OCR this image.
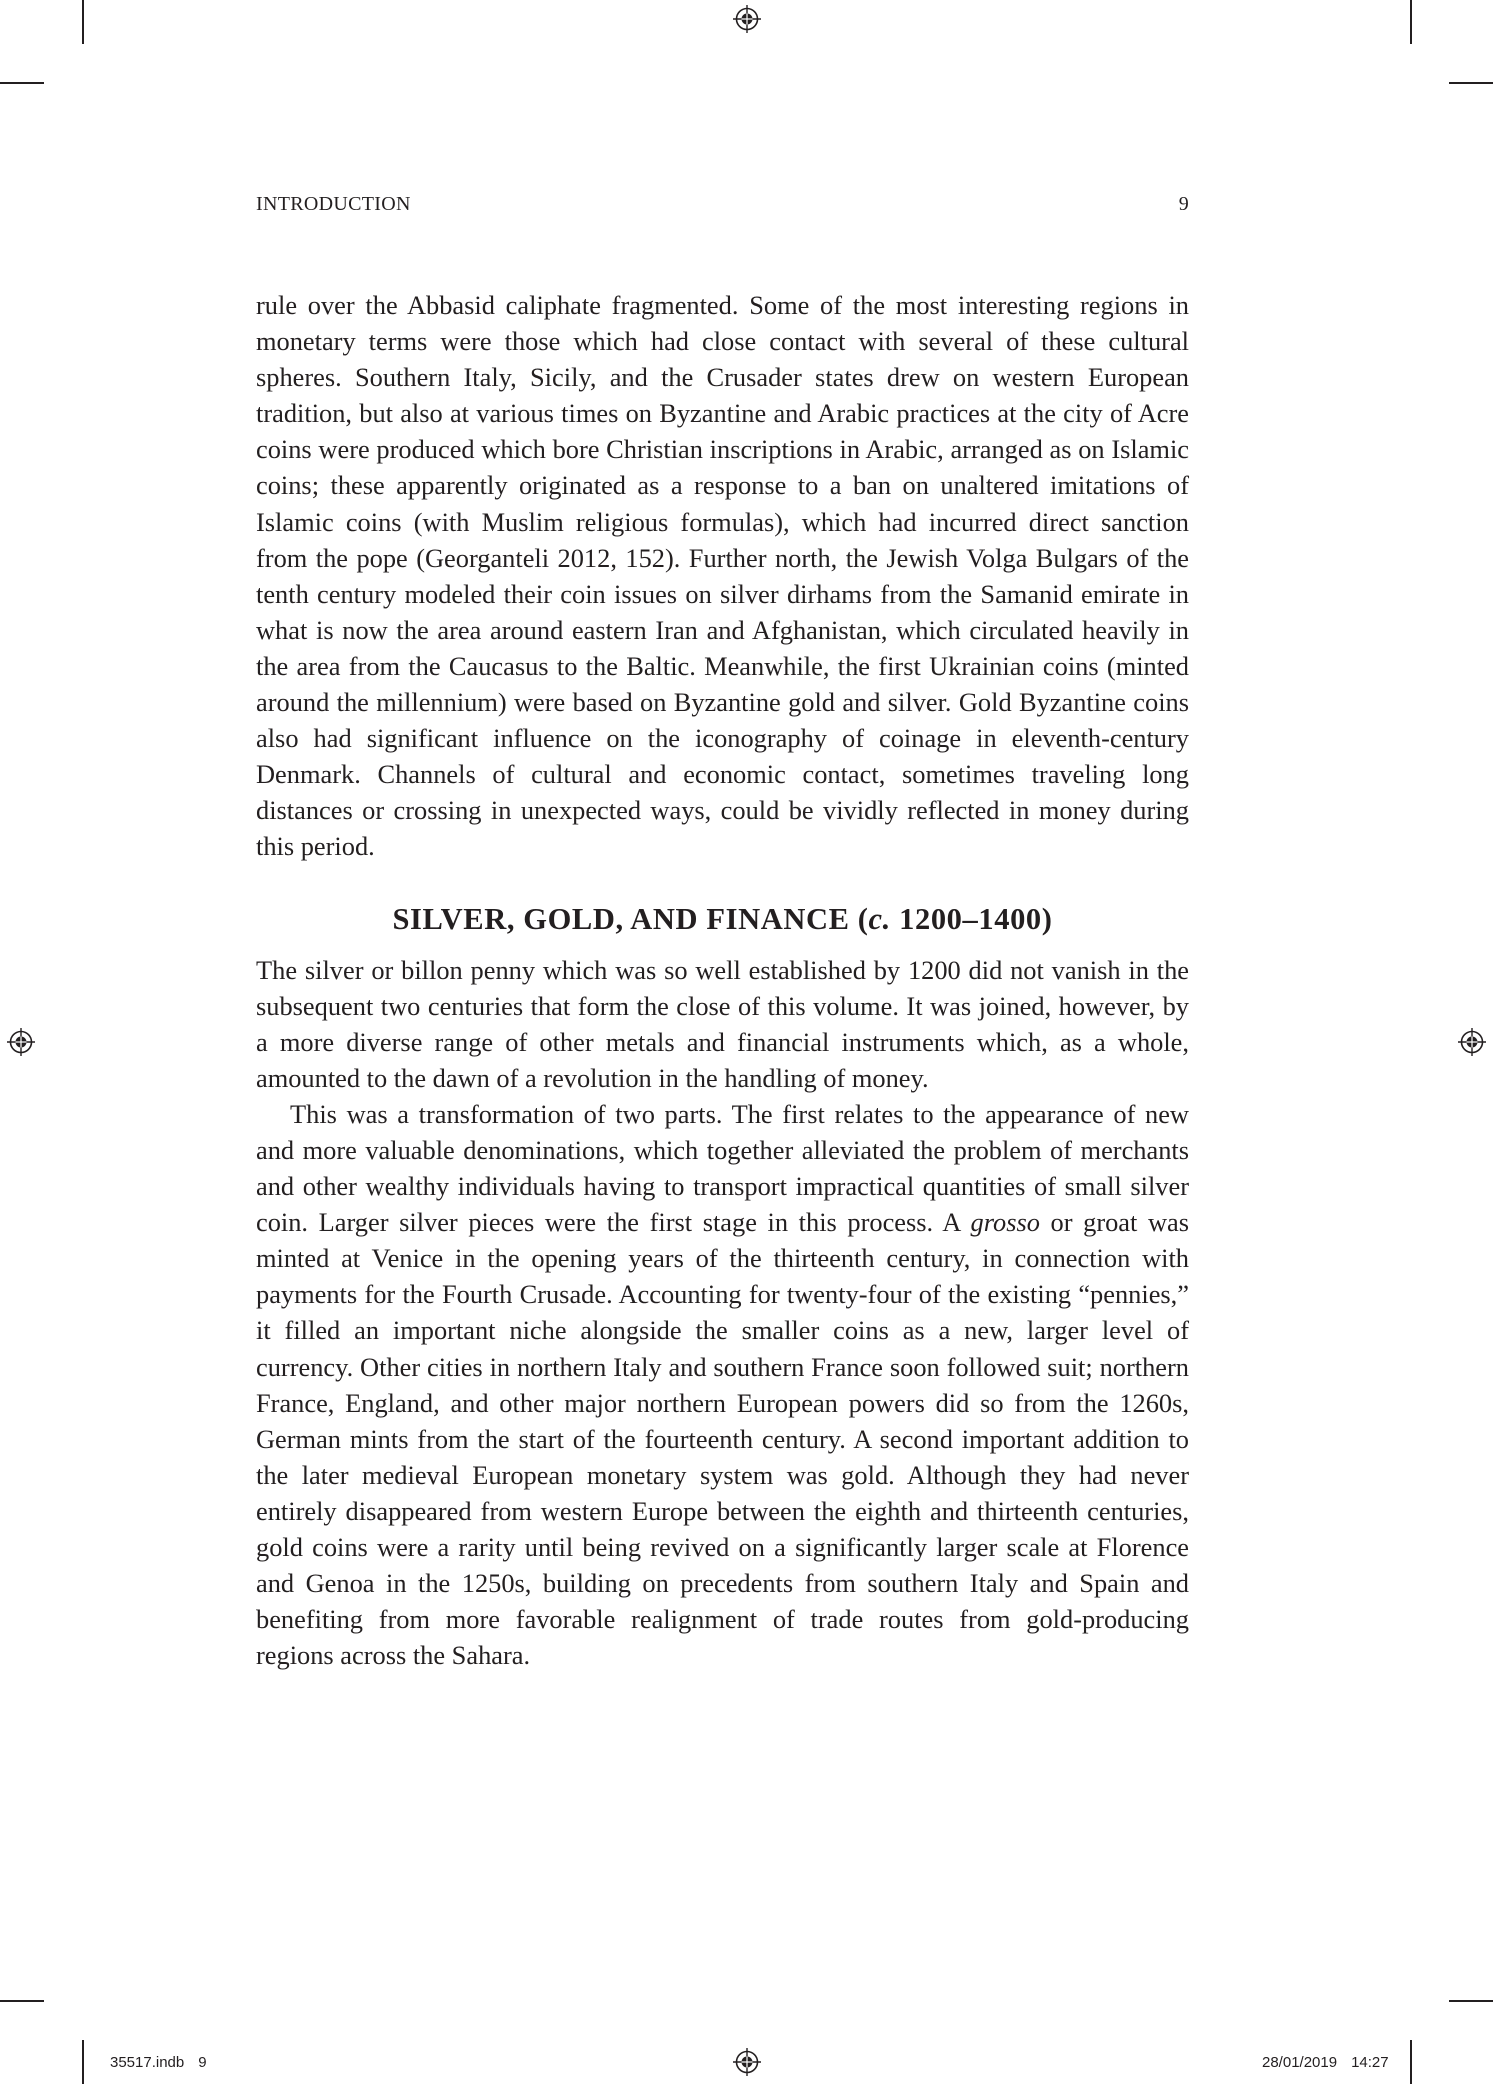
INTRODUCTION	9

rule over the Abbasid caliphate fragmented. Some of the most interesting regions in monetary terms were those which had close contact with several of these cultural spheres. Southern Italy, Sicily, and the Crusader states drew on western European tradition, but also at various times on Byzantine and Arabic practices at the city of Acre coins were produced which bore Christian inscriptions in Arabic, arranged as on Islamic coins; these apparently originated as a response to a ban on unaltered imitations of Islamic coins (with Muslim religious formulas), which had incurred direct sanction from the pope (Georganteli 2012, 152). Further north, the Jewish Volga Bulgars of the tenth century modeled their coin issues on silver dirhams from the Samanid emirate in what is now the area around eastern Iran and Afghanistan, which circulated heavily in the area from the Caucasus to the Baltic. Meanwhile, the first Ukrainian coins (minted around the millennium) were based on Byzantine gold and silver. Gold Byzantine coins also had significant influence on the iconography of coinage in eleventh-century Denmark. Channels of cultural and economic contact, sometimes traveling long distances or crossing in unexpected ways, could be vividly reflected in money during this period.

SILVER, GOLD, AND FINANCE (c. 1200–1400)

The silver or billon penny which was so well established by 1200 did not vanish in the subsequent two centuries that form the close of this volume. It was joined, however, by a more diverse range of other metals and financial instruments which, as a whole, amounted to the dawn of a revolution in the handling of money.

This was a transformation of two parts. The first relates to the appearance of new and more valuable denominations, which together alleviated the problem of merchants and other wealthy individuals having to transport impractical quantities of small silver coin. Larger silver pieces were the first stage in this process. A grosso or groat was minted at Venice in the opening years of the thirteenth century, in connection with payments for the Fourth Crusade. Accounting for twenty-four of the existing “pennies,” it filled an important niche alongside the smaller coins as a new, larger level of currency. Other cities in northern Italy and southern France soon followed suit; northern France, England, and other major northern European powers did so from the 1260s, German mints from the start of the fourteenth century. A second important addition to the later medieval European monetary system was gold. Although they had never entirely disappeared from western Europe between the eighth and thirteenth centuries, gold coins were a rarity until being revived on a significantly larger scale at Florence and Genoa in the 1250s, building on precedents from southern Italy and Spain and benefiting from more favorable realignment of trade routes from gold-producing regions across the Sahara.

35517.indb 9	28/01/2019 14:27
